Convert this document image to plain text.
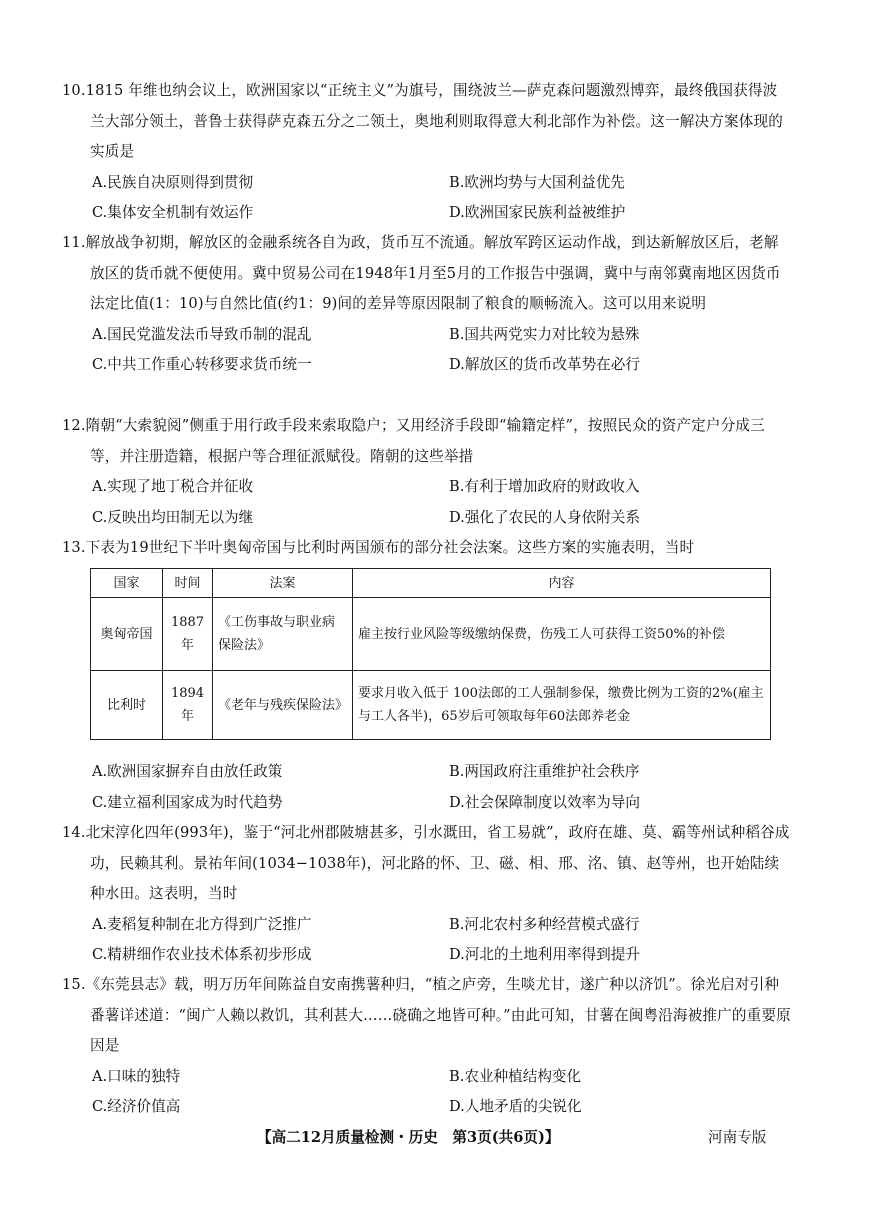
10.1815 年维也纳会议上，欧洲国家以“正统主义”为旗号，围绕波兰—萨克森问题激烈博弈，最终俄国获得波兰大部分领土，普鲁士获得萨克森五分之二领土，奥地利则取得意大利北部作为补偿。这一解决方案体现的实质是

A.民族自决原则得到贯彻	B.欧洲均势与大国利益优先
C.集体安全机制有效运作	D.欧洲国家民族利益被维护

11.解放战争初期，解放区的金融系统各自为政，货币互不流通。解放军跨区运动作战，到达新解放区后，老解放区的货币就不便使用。冀中贸易公司在1948年1月至5月的工作报告中强调，冀中与南邻冀南地区因货币法定比值(1：10)与自然比值(约1：9)间的差异等原因限制了粮食的顺畅流入。这可以用来说明

A.国民党滥发法币导致币制的混乱	B.国共两党实力对比较为悬殊
C.中共工作重心转移要求货币统一	D.解放区的货币改革势在必行

12.隋朝“大索貌阅”侧重于用行政手段来索取隐户；又用经济手段即“输籍定样”，按照民众的资产定户分成三等，并注册造籍，根据户等合理征派赋役。隋朝的这些举措

A.实现了地丁税合并征收	B.有利于增加政府的财政收入
C.反映出均田制无以为继	D.强化了农民的人身依附关系

13.下表为19世纪下半叶奥匈帝国与比利时两国颁布的部分社会法案。这些方案的实施表明，当时

国家	时间	法案	内容
奥匈帝国	1887年	《工伤事故与职业病保险法》	雇主按行业风险等级缴纳保费，伤残工人可获得工资50%的补偿
比利时	1894年	《老年与残疾保险法》	要求月收入低于 100法郎的工人强制参保，缴费比例为工资的2%(雇主与工人各半)，65岁后可领取每年60法郎养老金
A.欧洲国家摒弃自由放任政策	B.两国政府注重维护社会秩序
C.建立福利国家成为时代趋势	D.社会保障制度以效率为导向

14.北宋淳化四年(993年)，鉴于“河北州郡陂塘甚多，引水溉田，省工易就”，政府在雄、莫、霸等州试种稻谷成功，民赖其利。景祐年间(1034−1038年)，河北路的怀、卫、磁、相、邢、洺、镇、赵等州，也开始陆续种水田。这表明，当时

A.麦稻复种制在北方得到广泛推广	B.河北农村多种经营模式盛行
C.精耕细作农业技术体系初步形成	D.河北的土地利用率得到提升

15.《东莞县志》载，明万历年间陈益自安南携薯种归，“植之庐旁，生啖尤甘，遂广种以济饥”。徐光启对引种番薯详述道：“闽广人赖以救饥，其利甚大……硗确之地皆可种。”由此可知，甘薯在闽粤沿海被推广的重要原因是

A.口味的独特	B.农业种植结构变化
C.经济价值高	D.人地矛盾的尖锐化
【高二12月质量检测・历史　第3页(共6页)】	河南专版
